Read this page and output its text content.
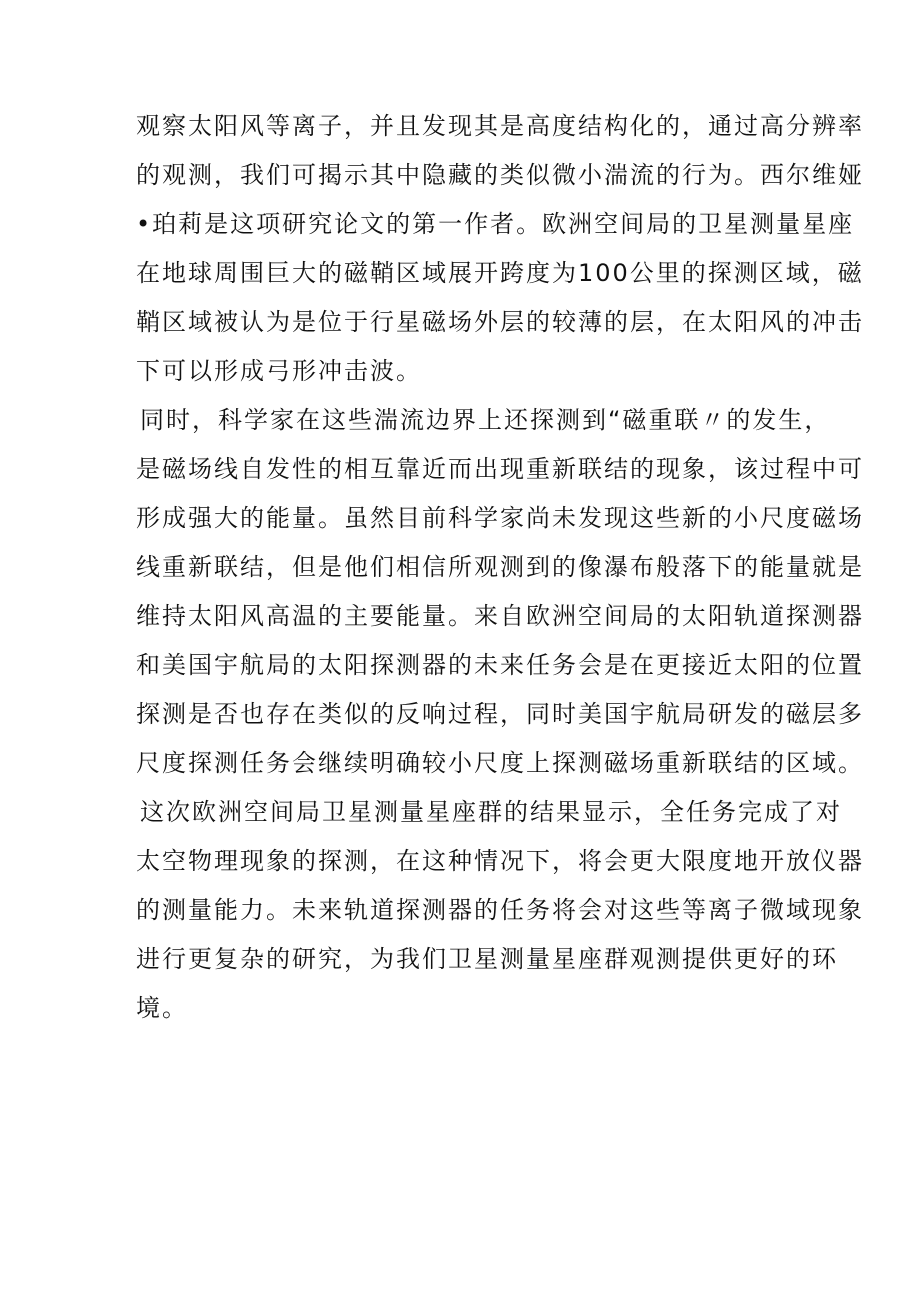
观察太阳风等离子，并且发现其是高度结构化的，通过高分辨率
的观测，我们可揭示其中隐藏的类似微小湍流的行为。西尔维娅
•珀莉是这项研究论文的第一作者。欧洲空间局的卫星测量星座
在地球周围巨大的磁鞘区域展开跨度为100公里的探测区域，磁
鞘区域被认为是位于行星磁场外层的较薄的层，在太阳风的冲击
下可以形成弓形冲击波。
同时，科学家在这些湍流边界上还探测到“磁重联〃的发生，
是磁场线自发性的相互靠近而出现重新联结的现象，该过程中可
形成强大的能量。虽然目前科学家尚未发现这些新的小尺度磁场
线重新联结，但是他们相信所观测到的像瀑布般落下的能量就是
维持太阳风高温的主要能量。来自欧洲空间局的太阳轨道探测器
和美国宇航局的太阳探测器的未来任务会是在更接近太阳的位置
探测是否也存在类似的反响过程，同时美国宇航局研发的磁层多
尺度探测任务会继续明确较小尺度上探测磁场重新联结的区域。
这次欧洲空间局卫星测量星座群的结果显示，全任务完成了对
太空物理现象的探测，在这种情况下，将会更大限度地开放仪器
的测量能力。未来轨道探测器的任务将会对这些等离子微域现象
进行更复杂的研究，为我们卫星测量星座群观测提供更好的环
境。
